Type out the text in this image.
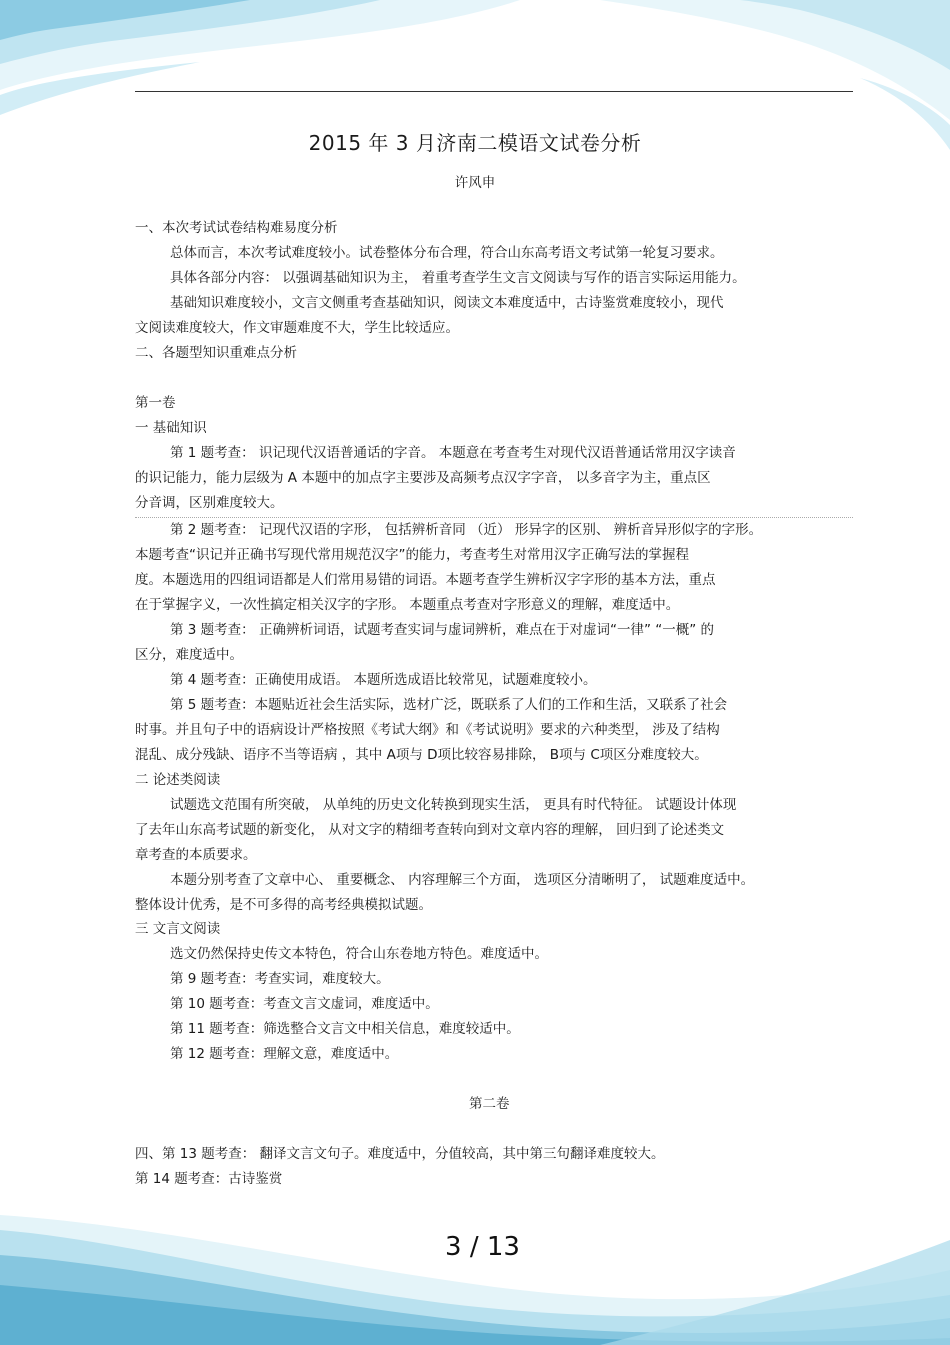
2015 年 3 月济南二模语文试卷分析
许风申
一、本次考试试卷结构难易度分析
总体而言，本次考试难度较小。试卷整体分布合理，符合山东高考语文考试第一轮复习要求。
具体各部分内容： 以强调基础知识为主， 着重考查学生文言文阅读与写作的语言实际运用能力。
基础知识难度较小，文言文侧重考查基础知识，阅读文本难度适中，古诗鉴赏难度较小，现代
文阅读难度较大，作文审题难度不大，学生比较适应。
二、各题型知识重难点分析
第一卷
一 基础知识
第 1 题考查： 识记现代汉语普通话的字音。 本题意在考查考生对现代汉语普通话常用汉字读音
的识记能力，能力层级为 A 本题中的加点字主要涉及高频考点汉字字音， 以多音字为主，重点区
分音调，区别难度较大。
第 2 题考查： 记现代汉语的字形， 包括辨析音同 （近） 形异字的区别、 辨析音异形似字的字形。
本题考查“识记并正确书写现代常用规范汉字”的能力，考查考生对常用汉字正确写法的掌握程
度。本题选用的四组词语都是人们常用易错的词语。本题考查学生辨析汉字字形的基本方法，重点
在于掌握字义，一次性搞定相关汉字的字形。 本题重点考查对字形意义的理解，难度适中。
第 3 题考查： 正确辨析词语，试题考查实词与虚词辨析，难点在于对虚词“一律” “一概” 的
区分，难度适中。
第 4 题考查：正确使用成语。 本题所选成语比较常见，试题难度较小。
第 5 题考查：本题贴近社会生活实际，选材广泛，既联系了人们的工作和生活，又联系了社会
时事。并且句子中的语病设计严格按照《考试大纲》和《考试说明》要求的六种类型， 涉及了结构
混乱、成分残缺、语序不当等语病 ，其中 A项与 D项比较容易排除， B项与 C项区分难度较大。
二 论述类阅读
试题选文范围有所突破， 从单纯的历史文化转换到现实生活， 更具有时代特征。 试题设计体现
了去年山东高考试题的新变化， 从对文字的精细考查转向到对文章内容的理解， 回归到了论述类文
章考查的本质要求。
本题分别考查了文章中心、 重要概念、 内容理解三个方面， 选项区分清晰明了， 试题难度适中。
整体设计优秀，是不可多得的高考经典模拟试题。
三 文言文阅读
选文仍然保持史传文本特色，符合山东卷地方特色。难度适中。
第 9 题考查：考查实词，难度较大。
第 10 题考查：考查文言文虚词，难度适中。
第 11 题考查：筛选整合文言文中相关信息，难度较适中。
第 12 题考查：理解文意，难度适中。
第二卷
四、第 13 题考查： 翻译文言文句子。难度适中，分值较高，其中第三句翻译难度较大。
第 14 题考查：古诗鉴赏
3 / 13
